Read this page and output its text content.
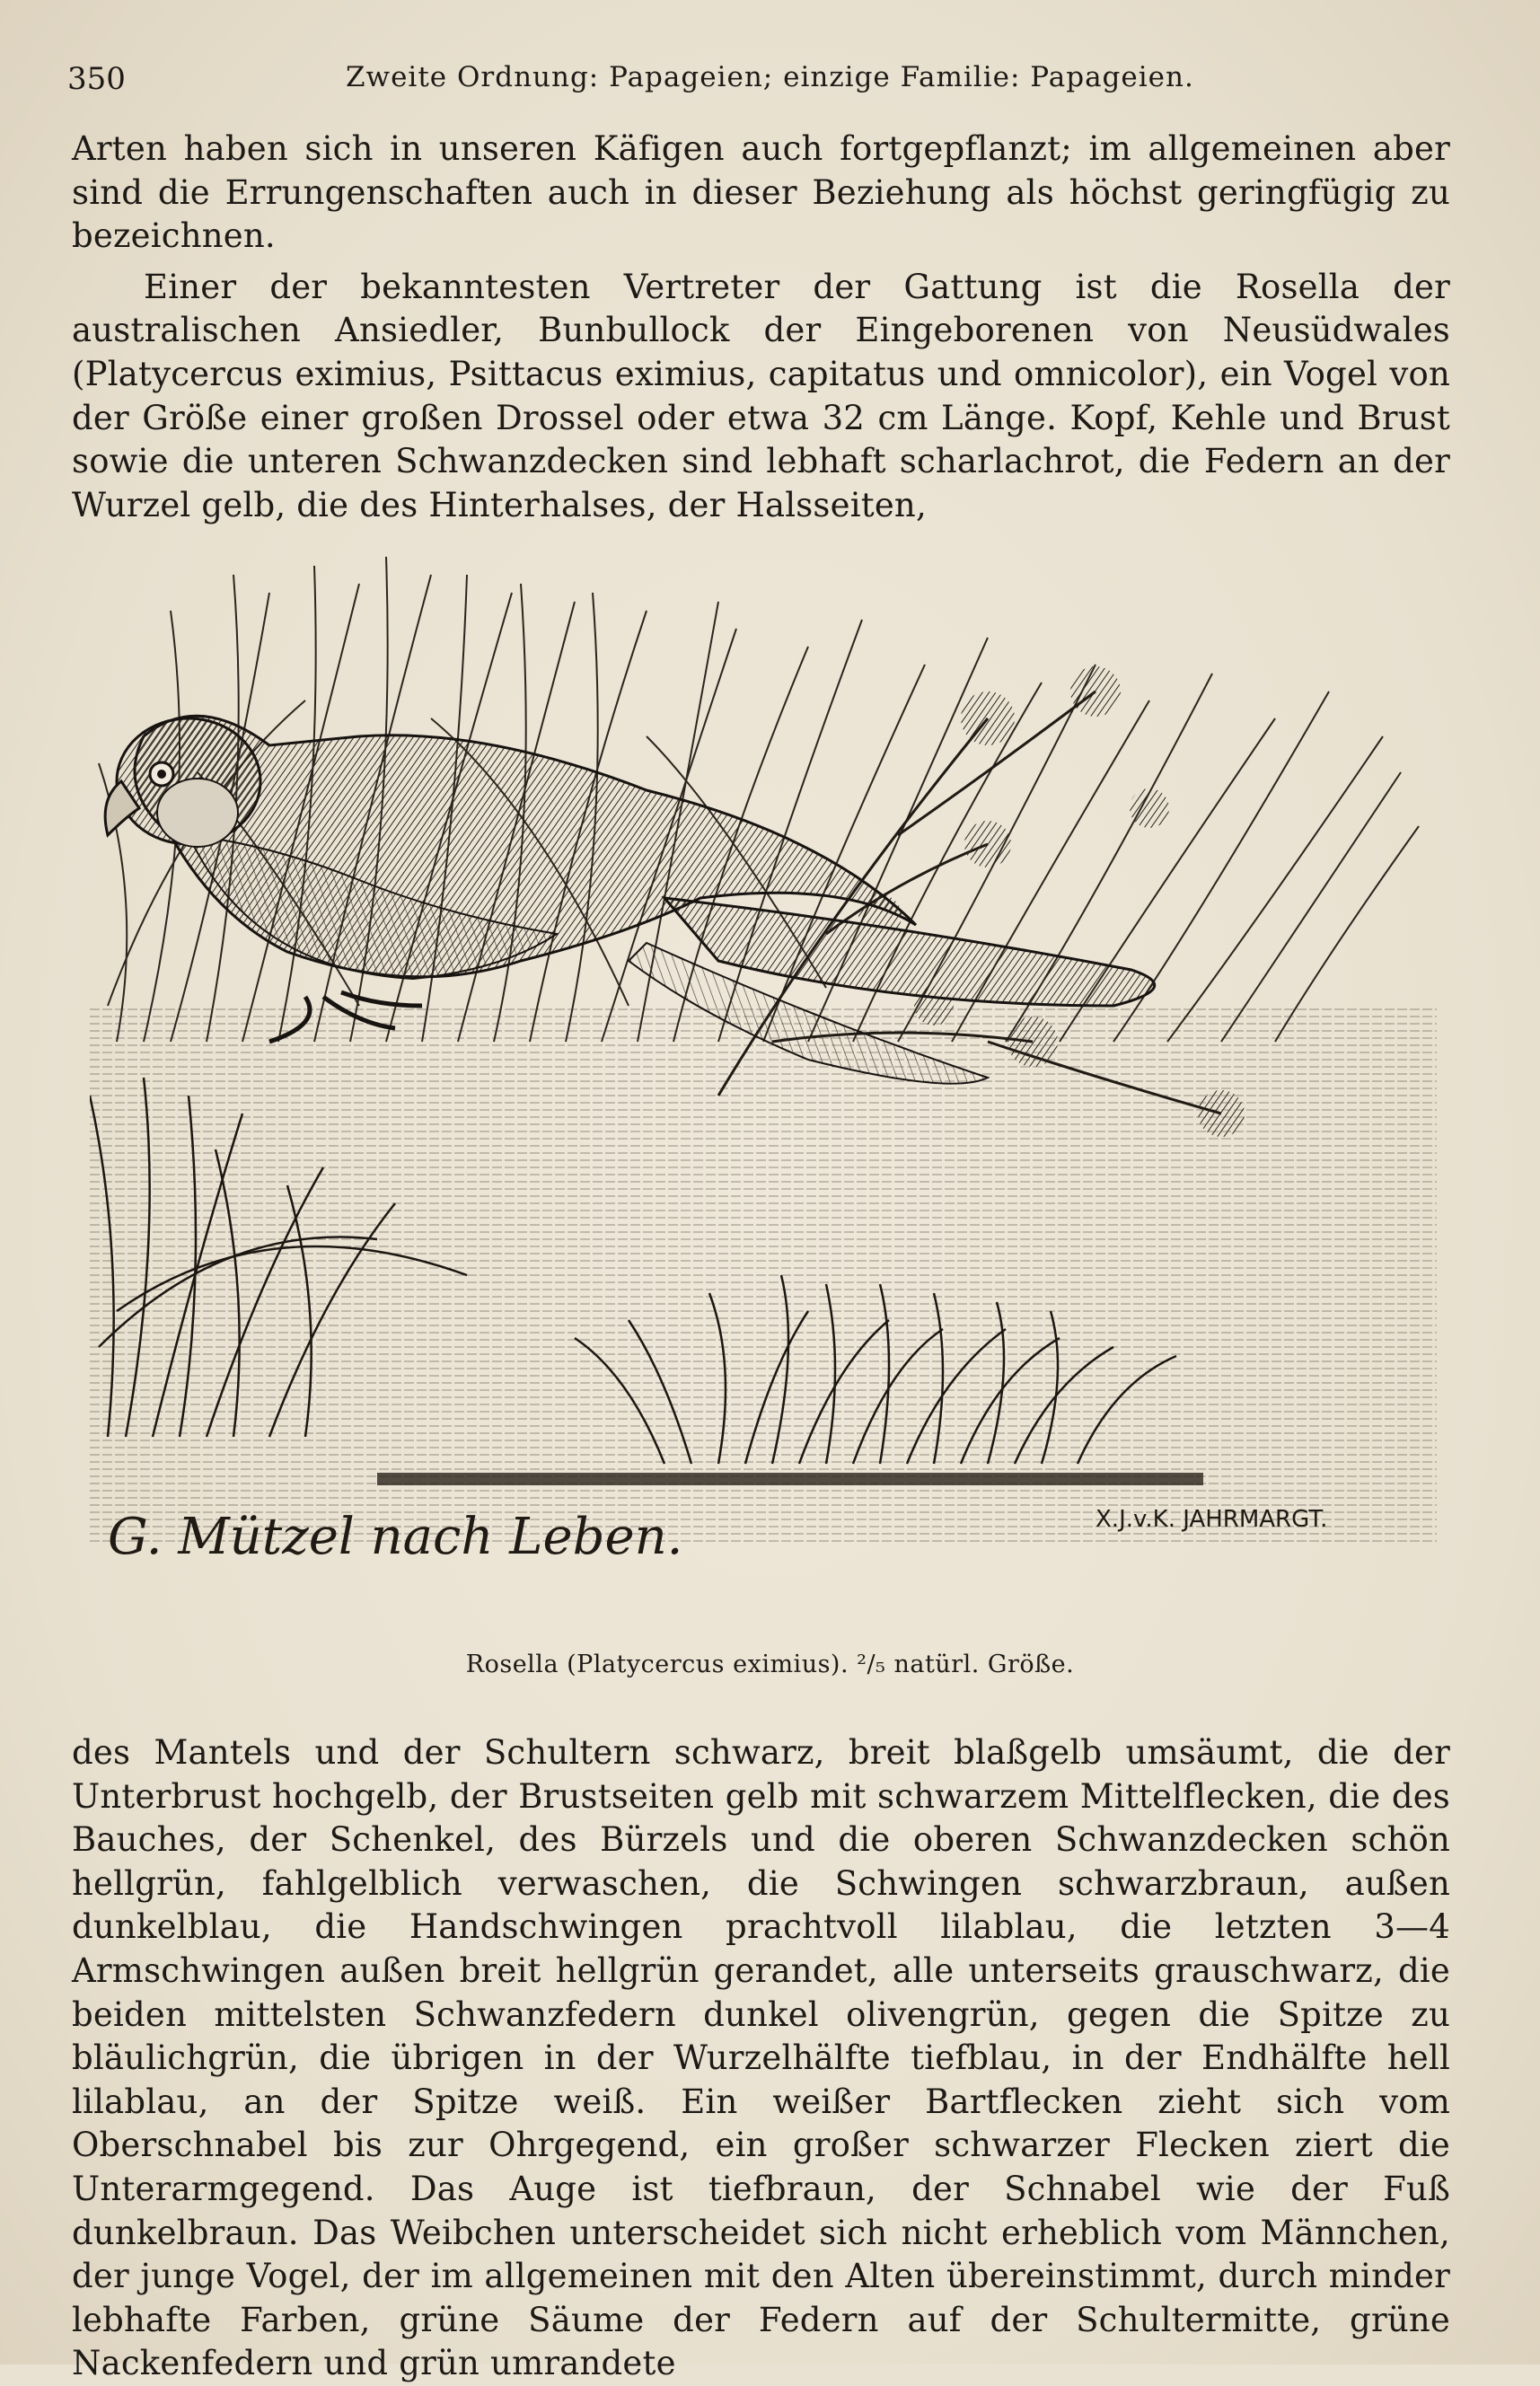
350	Zweite Ordnung: Papageien; einzige Familie: Papageien.

Arten haben sich in unseren Käfigen auch fortgepflanzt; im allgemeinen aber sind die Errungenschaften auch in dieser Beziehung als höchst geringfügig zu bezeichnen.

Einer der bekanntesten Vertreter der Gattung ist die Rosella der australischen Ansiedler, Bunbullock der Eingeborenen von Neusüdwales (Platycercus eximius, Psittacus eximius, capitatus und omnicolor), ein Vogel von der Größe einer großen Drossel oder etwa 32 cm Länge. Kopf, Kehle und Brust sowie die unteren Schwanzdecken sind lebhaft scharlachrot, die Federn an der Wurzel gelb, die des Hinterhalses, der Halsseiten,

G. Mützel nach Leben.	X.J.v.K. JAHRMARGT.
Rosella (Platycercus eximius). ²/₅ natürl. Größe.

des Mantels und der Schultern schwarz, breit blaßgelb umsäumt, die der Unterbrust hochgelb, der Brustseiten gelb mit schwarzem Mittelflecken, die des Bauches, der Schenkel, des Bürzels und die oberen Schwanzdecken schön hellgrün, fahlgelblich verwaschen, die Schwingen schwarzbraun, außen dunkelblau, die Handschwingen prachtvoll lilablau, die letzten 3—4 Armschwingen außen breit hellgrün gerandet, alle unterseits grauschwarz, die beiden mittelsten Schwanzfedern dunkel olivengrün, gegen die Spitze zu bläulichgrün, die übrigen in der Wurzelhälfte tiefblau, in der Endhälfte hell lilablau, an der Spitze weiß. Ein weißer Bartflecken zieht sich vom Oberschnabel bis zur Ohrgegend, ein großer schwarzer Flecken ziert die Unterarmgegend. Das Auge ist tiefbraun, der Schnabel wie der Fuß dunkelbraun. Das Weibchen unterscheidet sich nicht erheblich vom Männchen, der junge Vogel, der im allgemeinen mit den Alten übereinstimmt, durch minder lebhafte Farben, grüne Säume der Federn auf der Schultermitte, grüne Nackenfedern und grün umrandete
